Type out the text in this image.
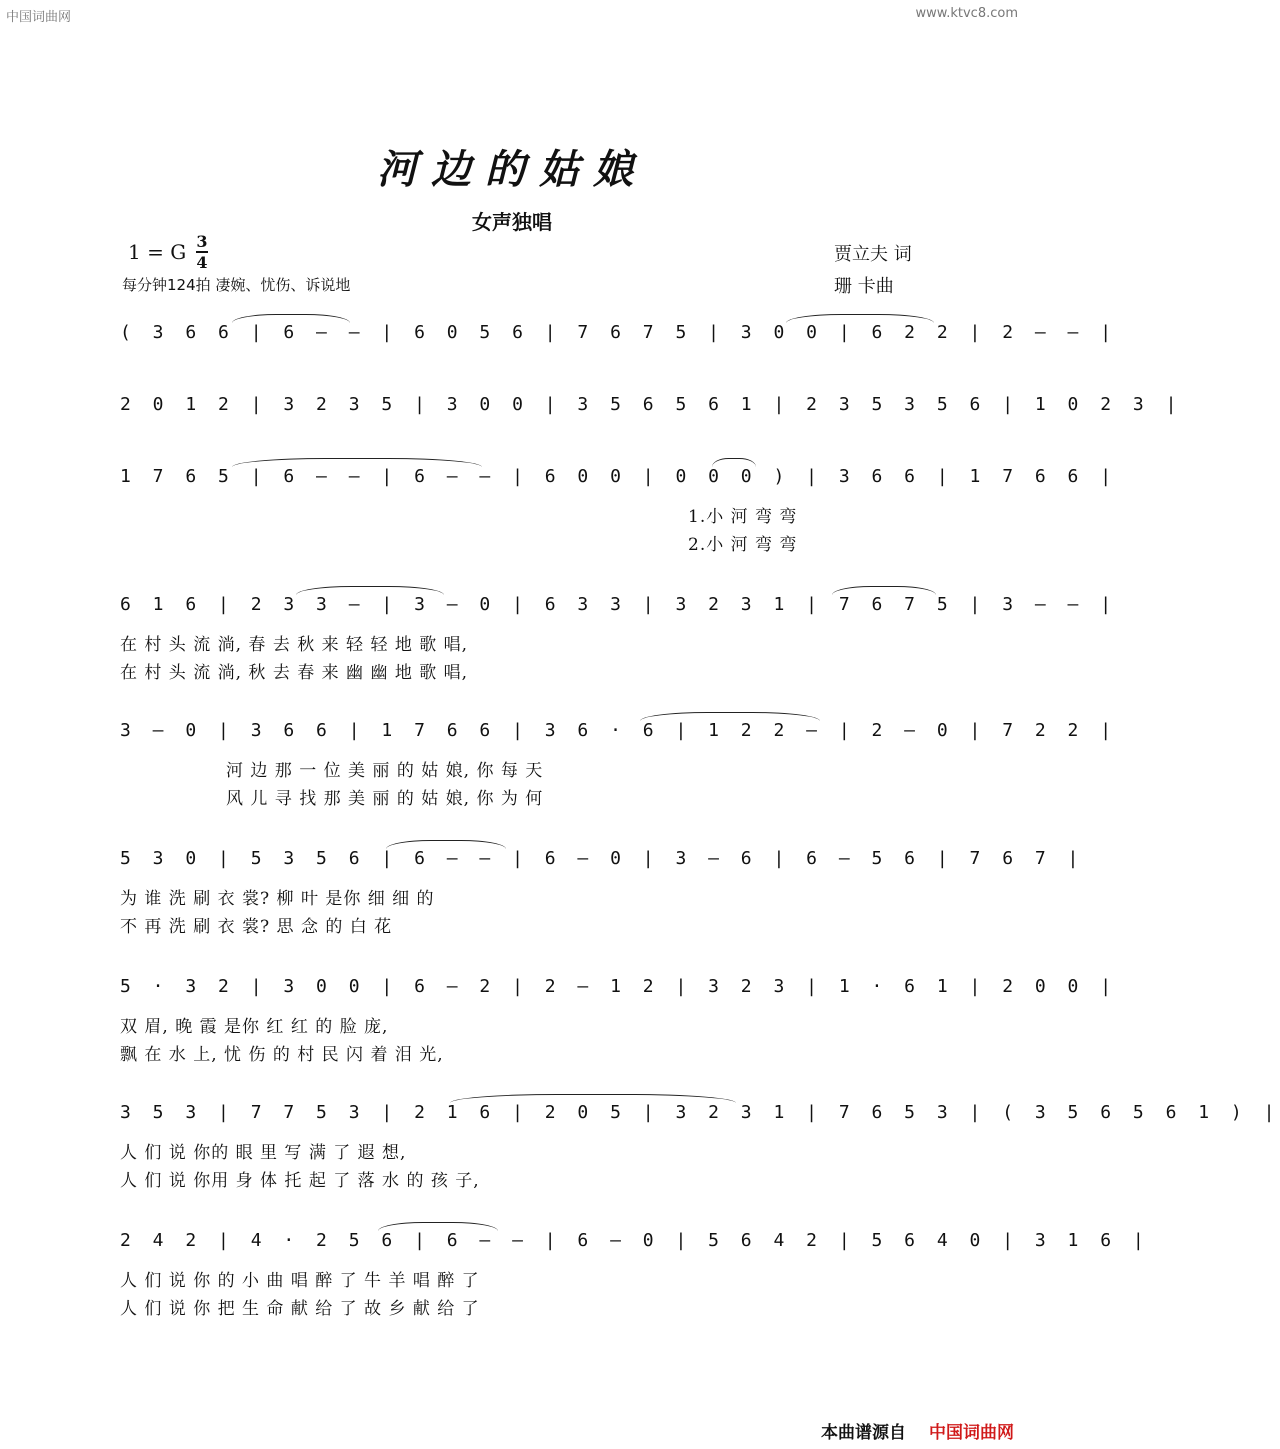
中国词曲网	www.ktvc8.com
河边的姑娘
女声独唱
1 = G 3
4
每分钟124拍 凄婉、忧伤、诉说地
贾立夫 词
珊 卡曲
( 3 6 6 | 6 – – | 6 0 5 6 | 7 6 7 5 | 3 0 0 | 6 2 2 | 2 – – |
2 0 1 2 | 3 2 3 5 | 3 0 0 | 3 5 6 5 6 1 | 2 3 5 3 5 6 | 1 0 2 3 |
1 7 6 5 | 6 – – | 6 – – | 6 0 0 | 0 0 0 ) | 3 6 6 | 1 7 6 6 |
1.小 河 弯 弯
2.小 河 弯 弯
6 1 6 | 2 3 3 – | 3 – 0 | 6 3 3 | 3 2 3 1 | 7 6 7 5 | 3 – – |
在 村 头 流 淌, 春 去 秋 来 轻 轻 地 歌 唱,
在 村 头 流 淌, 秋 去 春 来 幽 幽 地 歌 唱,
3 – 0 | 3 6 6 | 1 7 6 6 | 3 6 · 6 | 1 2 2 – | 2 – 0 | 7 2 2 |
河 边 那 一 位 美 丽 的 姑 娘, 你 每 天
风 儿 寻 找 那 美 丽 的 姑 娘, 你 为 何
5 3 0 | 5 3 5 6 | 6 – – | 6 – 0 | 3 – 6 | 6 – 5 6 | 7 6 7 |
为 谁 洗 刷 衣 裳? 柳 叶 是你 细 细 的
不 再 洗 刷 衣 裳? 思 念 的 白 花
5 · 3 2 | 3 0 0 | 6 – 2 | 2 – 1 2 | 3 2 3 | 1 · 6 1 | 2 0 0 |
双 眉, 晚 霞 是你 红 红 的 脸 庞,
飘 在 水 上, 忧 伤 的 村 民 闪 着 泪 光,
3 5 3 | 7 7 5 3 | 2 1 6 | 2 0 5 | 3 2 3 1 | 7 6 5 3 | ( 3 5 6 5 6 1 ) |
人 们 说 你的 眼 里 写 满 了 遐 想,
人 们 说 你用 身 体 托 起 了 落 水 的 孩 子,
2 4 2 | 4 · 2 5 6 | 6 – – | 6 – 0 | 5 6 4 2 | 5 6 4 0 | 3 1 6 |
人 们 说 你 的 小 曲 唱 醉 了 牛 羊 唱 醉 了
人 们 说 你 把 生 命 献 给 了 故 乡 献 给 了
本曲谱源自 中国词曲网
